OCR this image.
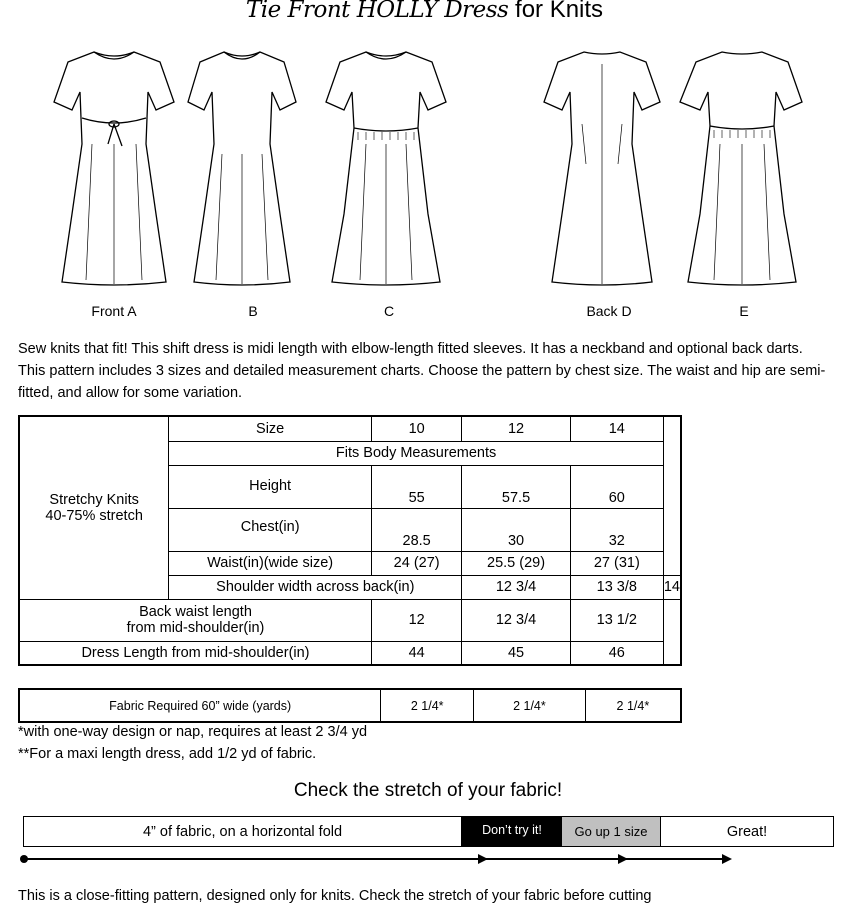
Tie Front HOLLY Dress for Knits
Front A	B	C	Back D	E
Sew knits that fit! This shift dress is midi length with elbow-length fitted sleeves. It has a neckband and optional back darts. This pattern includes 3 sizes and detailed measurement charts. Choose the pattern by chest size. The waist and hip are semi-fitted, and allow for some variation.
Stretchy Knits
40-75% stretch	Size	10	12	14	
	Fits Body Measurements				
	Height	55	57.5	60	
	Chest(in)	28.5	30	32	
	Waist(in)(wide size)	24 (27)	25.5 (29)	27 (31)	
	Shoulder width across back(in)		12 3/4	13 3/8	14

Back waist length
from mid-shoulder(in)		12	12 3/4	13 1/2	
Dress Length from mid-shoulder(in)		44	45	46	
Fabric Required 60” wide (yards)	2 1/4*	2 1/4*	2 1/4*
*with one-way design or nap, requires at least 2 3/4 yd
**For a maxi length dress, add 1/2 yd of fabric.
Check the stretch of your fabric!
4” of fabric, on a horizontal fold	Don’t try it!	Go up 1 size	Great!
This is a close-fitting pattern, designed only for knits. Check the stretch of your fabric before cutting
